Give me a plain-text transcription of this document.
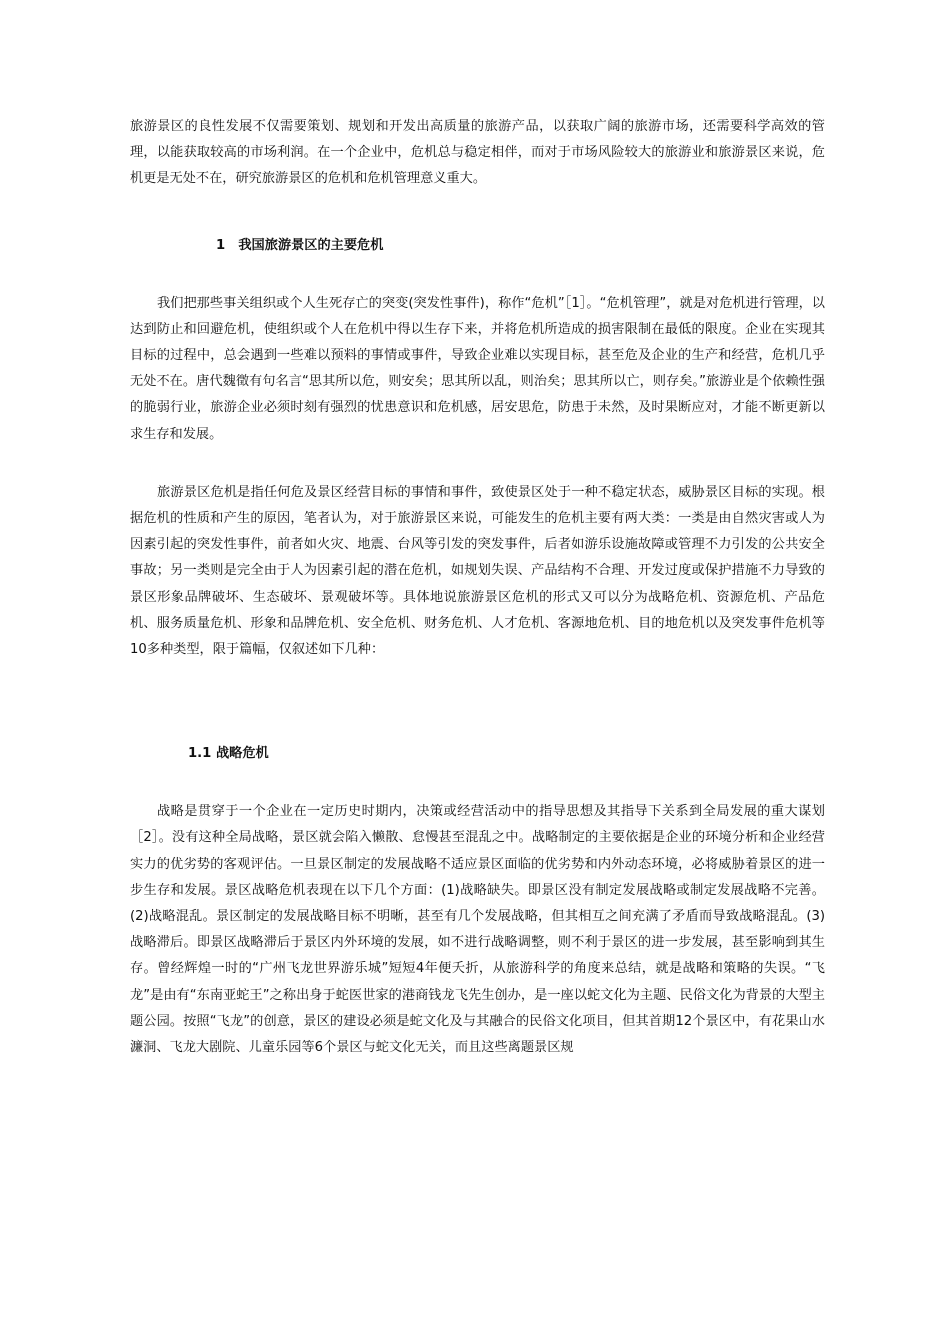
旅游景区的良性发展不仅需要策划、规划和开发出高质量的旅游产品，以获取广阔的旅游市场，还需要科学高效的管理，以能获取较高的市场利润。在一个企业中，危机总与稳定相伴，而对于市场风险较大的旅游业和旅游景区来说，危机更是无处不在，研究旅游景区的危机和危机管理意义重大。

1　我国旅游景区的主要危机

我们把那些事关组织或个人生死存亡的突变(突发性事件)，称作“危机”［1］。“危机管理”，就是对危机进行管理，以达到防止和回避危机，使组织或个人在危机中得以生存下来，并将危机所造成的损害限制在最低的限度。企业在实现其目标的过程中，总会遇到一些难以预料的事情或事件，导致企业难以实现目标，甚至危及企业的生产和经营，危机几乎无处不在。唐代魏徵有句名言“思其所以危，则安矣；思其所以乱，则治矣；思其所以亡，则存矣。”旅游业是个依赖性强的脆弱行业，旅游企业必须时刻有强烈的忧患意识和危机感，居安思危，防患于未然，及时果断应对，才能不断更新以求生存和发展。

旅游景区危机是指任何危及景区经营目标的事情和事件，致使景区处于一种不稳定状态，威胁景区目标的实现。根据危机的性质和产生的原因，笔者认为，对于旅游景区来说，可能发生的危机主要有两大类：一类是由自然灾害或人为因素引起的突发性事件，前者如火灾、地震、台风等引发的突发事件，后者如游乐设施故障或管理不力引发的公共安全事故；另一类则是完全由于人为因素引起的潜在危机，如规划失误、产品结构不合理、开发过度或保护措施不力导致的景区形象品牌破坏、生态破坏、景观破坏等。具体地说旅游景区危机的形式又可以分为战略危机、资源危机、产品危机、服务质量危机、形象和品牌危机、安全危机、财务危机、人才危机、客源地危机、目的地危机以及突发事件危机等10多种类型，限于篇幅，仅叙述如下几种：

1.1 战略危机

战略是贯穿于一个企业在一定历史时期内，决策或经营活动中的指导思想及其指导下关系到全局发展的重大谋划［2］。没有这种全局战略，景区就会陷入懒散、怠慢甚至混乱之中。战略制定的主要依据是企业的环境分析和企业经营实力的优劣势的客观评估。一旦景区制定的发展战略不适应景区面临的优劣势和内外动态环境，必将威胁着景区的进一步生存和发展。景区战略危机表现在以下几个方面：(1)战略缺失。即景区没有制定发展战略或制定发展战略不完善。(2)战略混乱。景区制定的发展战略目标不明晰，甚至有几个发展战略，但其相互之间充满了矛盾而导致战略混乱。(3)战略滞后。即景区战略滞后于景区内外环境的发展，如不进行战略调整，则不利于景区的进一步发展，甚至影响到其生存。曾经辉煌一时的“广州飞龙世界游乐城”短短4年便夭折，从旅游科学的角度来总结，就是战略和策略的失误。“飞龙”是由有“东南亚蛇王”之称出身于蛇医世家的港商钱龙飞先生创办，是一座以蛇文化为主题、民俗文化为背景的大型主题公园。按照“飞龙”的创意，景区的建设必须是蛇文化及与其融合的民俗文化项目，但其首期12个景区中，有花果山水濂洞、飞龙大剧院、儿童乐园等6个景区与蛇文化无关，而且这些离题景区规
